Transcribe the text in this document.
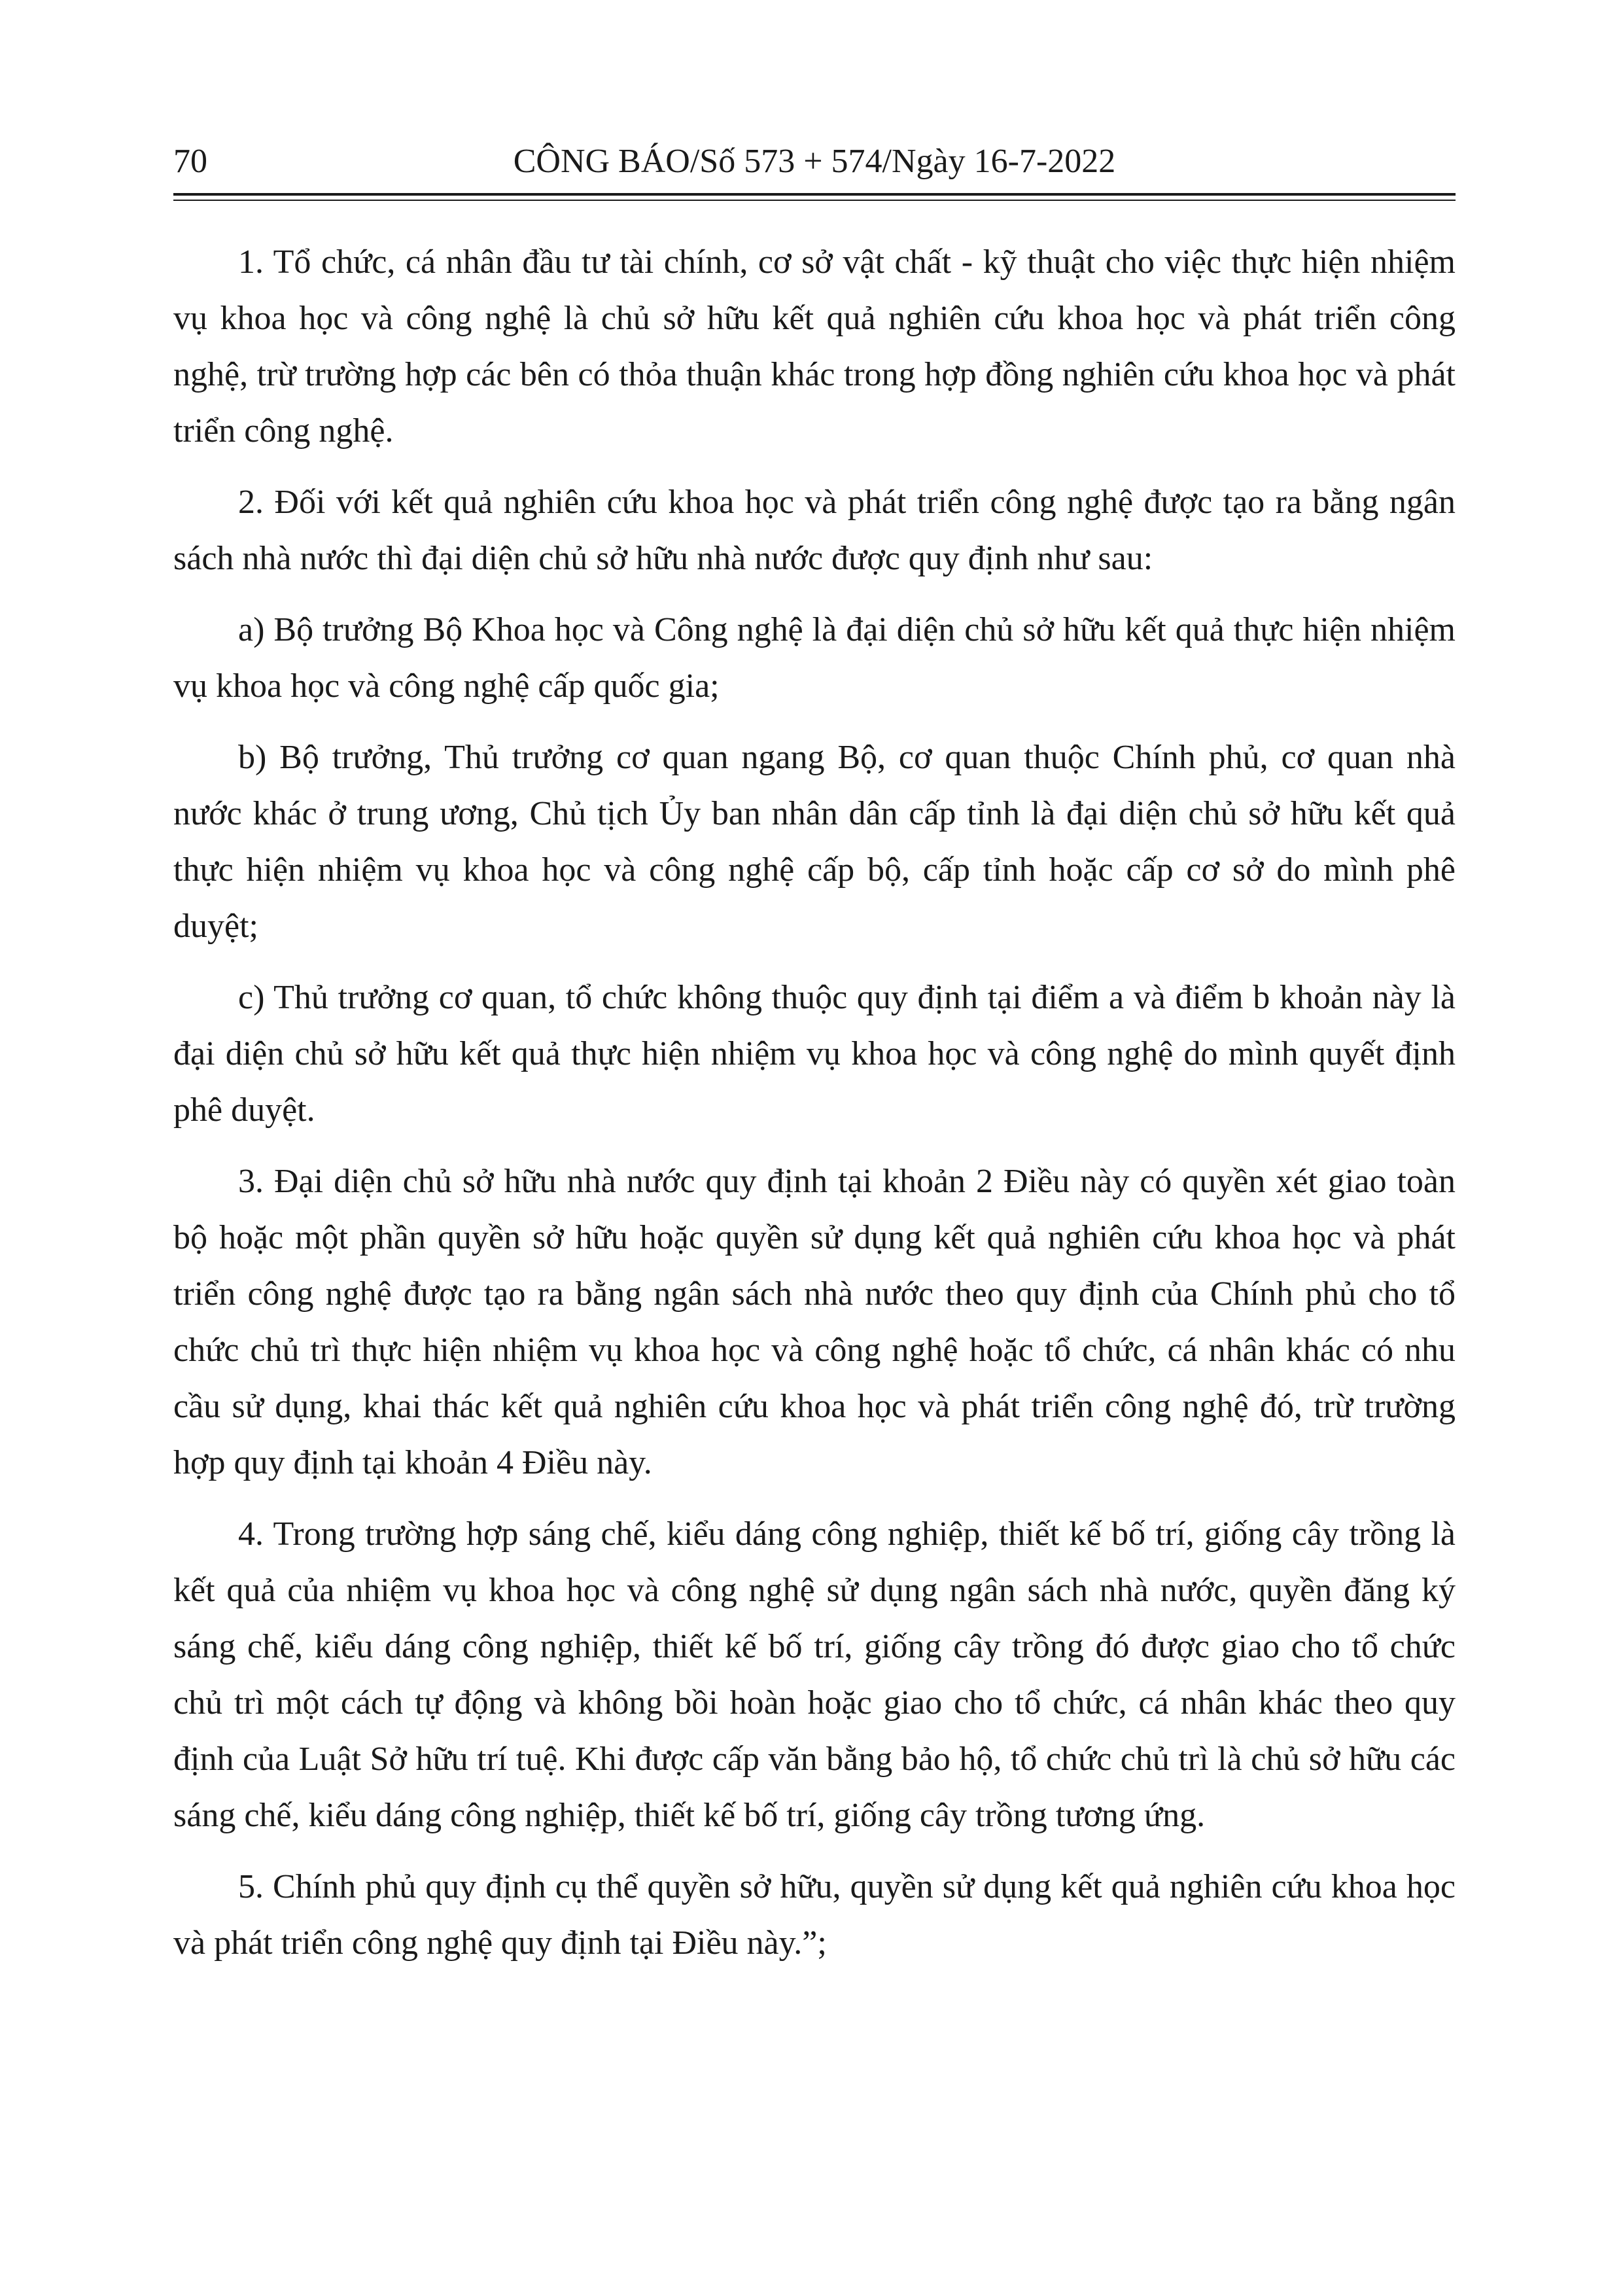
70	CÔNG BÁO/Số 573 + 574/Ngày 16-7-2022

1. Tổ chức, cá nhân đầu tư tài chính, cơ sở vật chất - kỹ thuật cho việc thực hiện nhiệm vụ khoa học và công nghệ là chủ sở hữu kết quả nghiên cứu khoa học và phát triển công nghệ, trừ trường hợp các bên có thỏa thuận khác trong hợp đồng nghiên cứu khoa học và phát triển công nghệ.

2. Đối với kết quả nghiên cứu khoa học và phát triển công nghệ được tạo ra bằng ngân sách nhà nước thì đại diện chủ sở hữu nhà nước được quy định như sau:

a) Bộ trưởng Bộ Khoa học và Công nghệ là đại diện chủ sở hữu kết quả thực hiện nhiệm vụ khoa học và công nghệ cấp quốc gia;

b) Bộ trưởng, Thủ trưởng cơ quan ngang Bộ, cơ quan thuộc Chính phủ, cơ quan nhà nước khác ở trung ương, Chủ tịch Ủy ban nhân dân cấp tỉnh là đại diện chủ sở hữu kết quả thực hiện nhiệm vụ khoa học và công nghệ cấp bộ, cấp tỉnh hoặc cấp cơ sở do mình phê duyệt;

c) Thủ trưởng cơ quan, tổ chức không thuộc quy định tại điểm a và điểm b khoản này là đại diện chủ sở hữu kết quả thực hiện nhiệm vụ khoa học và công nghệ do mình quyết định phê duyệt.

3. Đại diện chủ sở hữu nhà nước quy định tại khoản 2 Điều này có quyền xét giao toàn bộ hoặc một phần quyền sở hữu hoặc quyền sử dụng kết quả nghiên cứu khoa học và phát triển công nghệ được tạo ra bằng ngân sách nhà nước theo quy định của Chính phủ cho tổ chức chủ trì thực hiện nhiệm vụ khoa học và công nghệ hoặc tổ chức, cá nhân khác có nhu cầu sử dụng, khai thác kết quả nghiên cứu khoa học và phát triển công nghệ đó, trừ trường hợp quy định tại khoản 4 Điều này.

4. Trong trường hợp sáng chế, kiểu dáng công nghiệp, thiết kế bố trí, giống cây trồng là kết quả của nhiệm vụ khoa học và công nghệ sử dụng ngân sách nhà nước, quyền đăng ký sáng chế, kiểu dáng công nghiệp, thiết kế bố trí, giống cây trồng đó được giao cho tổ chức chủ trì một cách tự động và không bồi hoàn hoặc giao cho tổ chức, cá nhân khác theo quy định của Luật Sở hữu trí tuệ. Khi được cấp văn bằng bảo hộ, tổ chức chủ trì là chủ sở hữu các sáng chế, kiểu dáng công nghiệp, thiết kế bố trí, giống cây trồng tương ứng.

5. Chính phủ quy định cụ thể quyền sở hữu, quyền sử dụng kết quả nghiên cứu khoa học và phát triển công nghệ quy định tại Điều này.”;
